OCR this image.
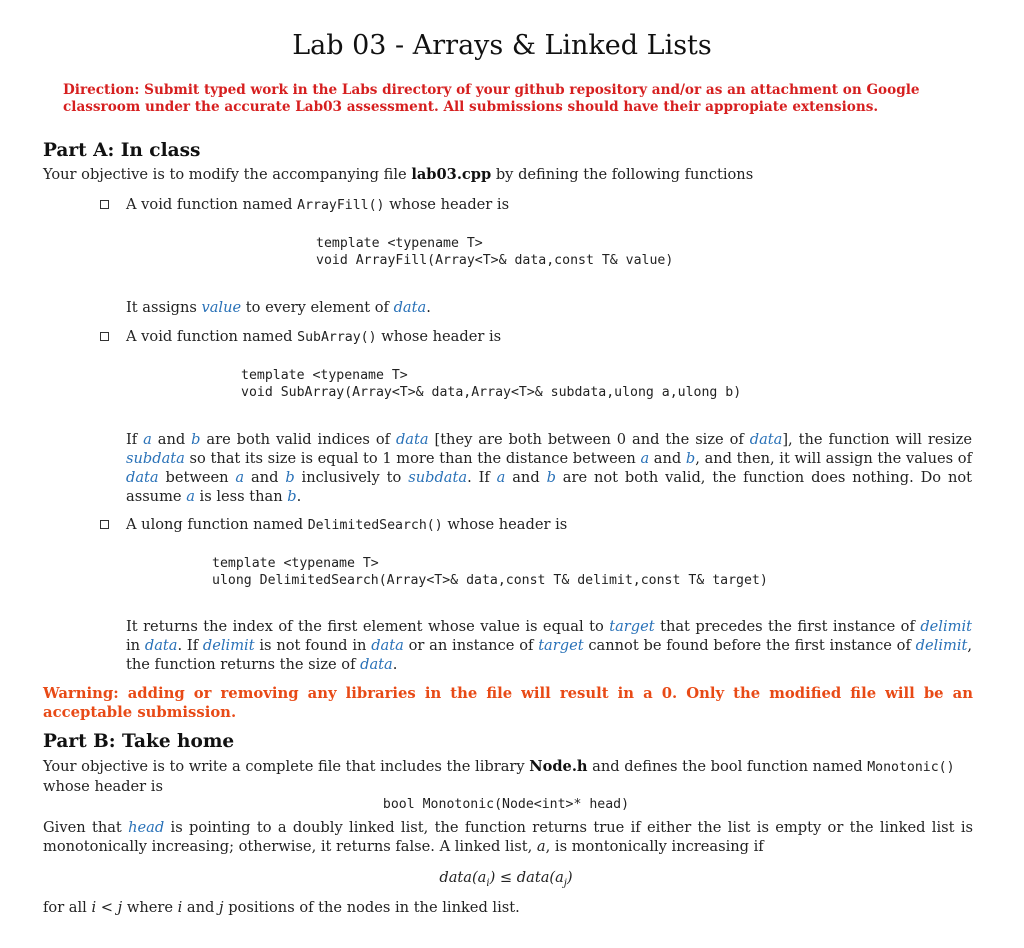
Lab 03 - Arrays & Linked Lists
Direction: Submit typed work in the Labs directory of your github repository and/or as an attachment on Google classroom under the accurate Lab03 assessment. All submissions should have their appropiate extensions.
Part A: In class
Your objective is to modify the accompanying file lab03.cpp by defining the following functions
A void function named ArrayFill() whose header is
template <typename T>
void ArrayFill(Array<T>& data,const T& value)
It assigns value to every element of data.
A void function named SubArray() whose header is
template <typename T>
void SubArray(Array<T>& data,Array<T>& subdata,ulong a,ulong b)
If a and b are both valid indices of data [they are both between 0 and the size of data], the function will resize subdata so that its size is equal to 1 more than the distance between a and b, and then, it will assign the values of data between a and b inclusively to subdata. If a and b are not both valid, the function does nothing. Do not assume a is less than b.
A ulong function named DelimitedSearch() whose header is
template <typename T>
ulong DelimitedSearch(Array<T>& data,const T& delimit,const T& target)
It returns the index of the first element whose value is equal to target that precedes the first instance of delimit in data. If delimit is not found in data or an instance of target cannot be found before the first instance of delimit, the function returns the size of data.
Warning: adding or removing any libraries in the file will result in a 0. Only the modified file will be an acceptable submission.
Part B: Take home
Your objective is to write a complete file that includes the library Node.h and defines the bool function named Monotonic() whose header is
bool Monotonic(Node<int>* head)
Given that head is pointing to a doubly linked list, the function returns true if either the list is empty or the linked list is monotonically increasing; otherwise, it returns false. A linked list, a, is montonically increasing if
$data(a_i)$ ≤ $data(a_j)$
for all i < j where i and j positions of the nodes in the linked list.
